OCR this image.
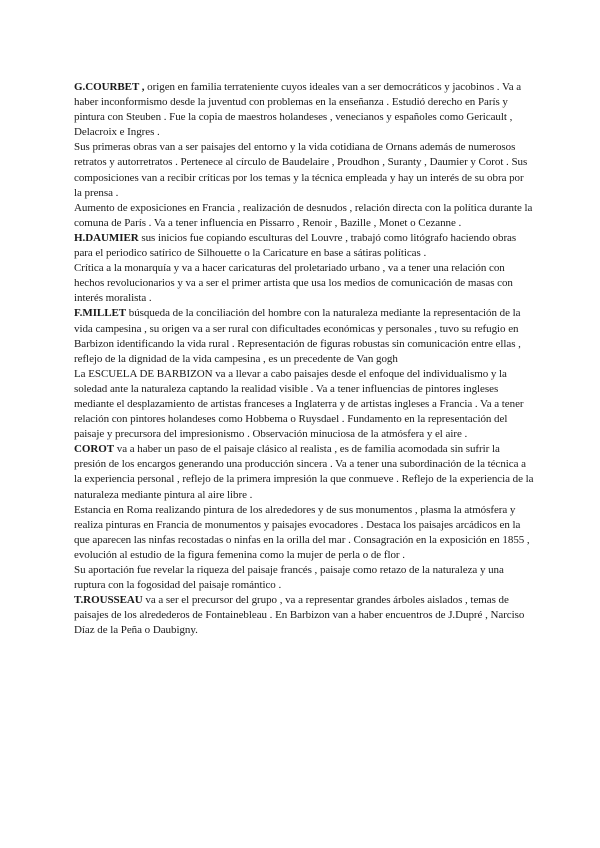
G.COURBET , origen en familia terrateniente cuyos ideales van a ser democráticos y jacobinos . Va a haber inconformismo desde la juventud con problemas en la enseñanza . Estudió derecho en París y pintura con Steuben . Fue la copia de maestros holandeses , venecianos y españoles como Gericault , Delacroix e Ingres .

Sus primeras obras van a ser paisajes del entorno y la vida cotidiana de Ornans además de numerosos retratos y autorretratos . Pertenece al círculo de Baudelaire , Proudhon , Suranty , Daumier y Corot . Sus composiciones van a recibir críticas por los temas y la técnica empleada y hay un interés de su obra por la prensa .

Aumento de exposiciones en Francia , realización de desnudos , relación directa con la política durante la comuna de París . Va a tener influencia en Pissarro , Renoir , Bazille , Monet o Cezanne .

H.DAUMIER sus inicios fue copiando esculturas del Louvre , trabajó como litógrafo haciendo obras para el periodico satírico de Silhouette o la Caricature en base a sátiras políticas .

Crítica a la monarquía y va a hacer caricaturas del proletariado urbano , va a tener una relación con hechos revolucionarios y va a ser el primer artista que usa los medios de comunicación de masas con interés moralista .

F.MILLET búsqueda de la conciliación del hombre con la naturaleza mediante la representación de la vida campesina , su origen va a ser rural con dificultades económicas y personales , tuvo su refugio en Barbizon identificando la vida rural . Representación de figuras robustas sin comunicación entre ellas , reflejo de la dignidad de la vida campesina , es un precedente de Van gogh

La ESCUELA DE BARBIZON va a llevar a cabo paisajes desde el enfoque del individualismo y la soledad ante la naturaleza captando la realidad visible . Va a tener influencias de pintores ingleses mediante el desplazamiento de artistas franceses a Inglaterra y de artistas ingleses a Francia . Va a tener relación con pintores holandeses como Hobbema o Ruysdael . Fundamento en la representación del paisaje y precursora del impresionismo . Observación minuciosa de la atmósfera y el aire .

COROT va a haber un paso de el paisaje clásico al realista , es de familia acomodada sin sufrir la presión de los encargos generando una producción sincera . Va a tener una subordinación de la técnica a la experiencia personal , reflejo de la primera impresión la que conmueve . Reflejo de la experiencia de la naturaleza mediante pintura al aire libre .

Estancia en Roma realizando pintura de los alrededores y de sus monumentos , plasma la atmósfera y realiza pinturas en Francia de monumentos y paisajes evocadores . Destaca los paisajes arcádicos en la que aparecen las ninfas recostadas o ninfas en la orilla del mar . Consagración en la exposición en 1855 , evolución al estudio de la figura femenina como la mujer de perla o de flor .

Su aportación fue revelar la riqueza del paisaje francés , paisaje como retazo de la naturaleza y una ruptura con la fogosidad del paisaje romántico .

T.ROUSSEAU va a ser el precursor del grupo , va a representar grandes árboles aislados , temas de paisajes de los alredederos de Fontainebleau . En Barbizon van a haber encuentros de J.Dupré , Narciso Díaz de la Peña o Daubigny.
